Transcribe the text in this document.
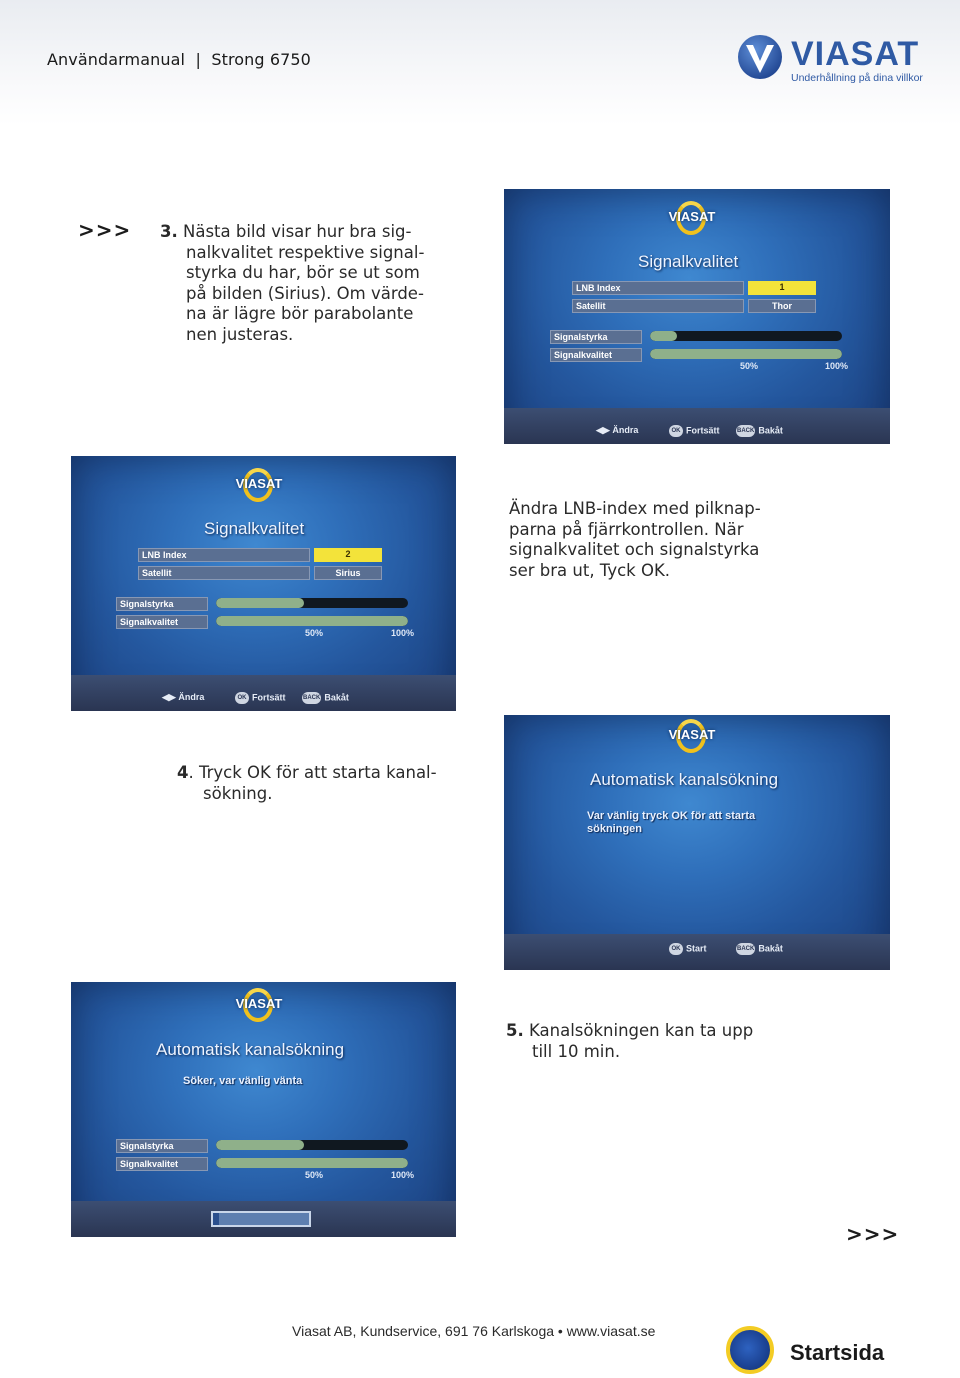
Användarmanual  |  Strong 6750	VIASAT
Underhållning på dina villkor
>>> 3. Nästa bild visar hur bra sig-
nalkvalitet respektive signal-
styrka du har, bör se ut som
på bilden (Sirius). Om värde-
na är lägre bör parabolante
nen justeras.
VIASAT
Signalkvalitet
LNB Index	1
Satellit	Thor
Signalstyrka
Signalkvalitet
50%	100%
◀▶ Ändra	OK Fortsätt	BACK Bakåt
VIASAT
Signalkvalitet
LNB Index	2
Satellit	Sirius
Signalstyrka
Signalkvalitet
50%	100%
◀▶ Ändra	OK Fortsätt	BACK Bakåt
Ändra LNB-index med pilknap-
parna på fjärrkontrollen. När
signalkvalitet och signalstyrka
ser bra ut, Tyck OK.
4. Tryck OK för att starta kanal-
sökning.
VIASAT
Automatisk kanalsökning
Var vänlig tryck OK för att starta
sökningen
OK Start	BACK Bakåt
VIASAT
Automatisk kanalsökning
Söker, var vänlig vänta
Signalstyrka
Signalkvalitet
50%	100%
5. Kanalsökningen kan ta upp
till 10 min.
>>>
Viasat AB, Kundservice, 691 76 Karlskoga • www.viasat.se
Startsida
